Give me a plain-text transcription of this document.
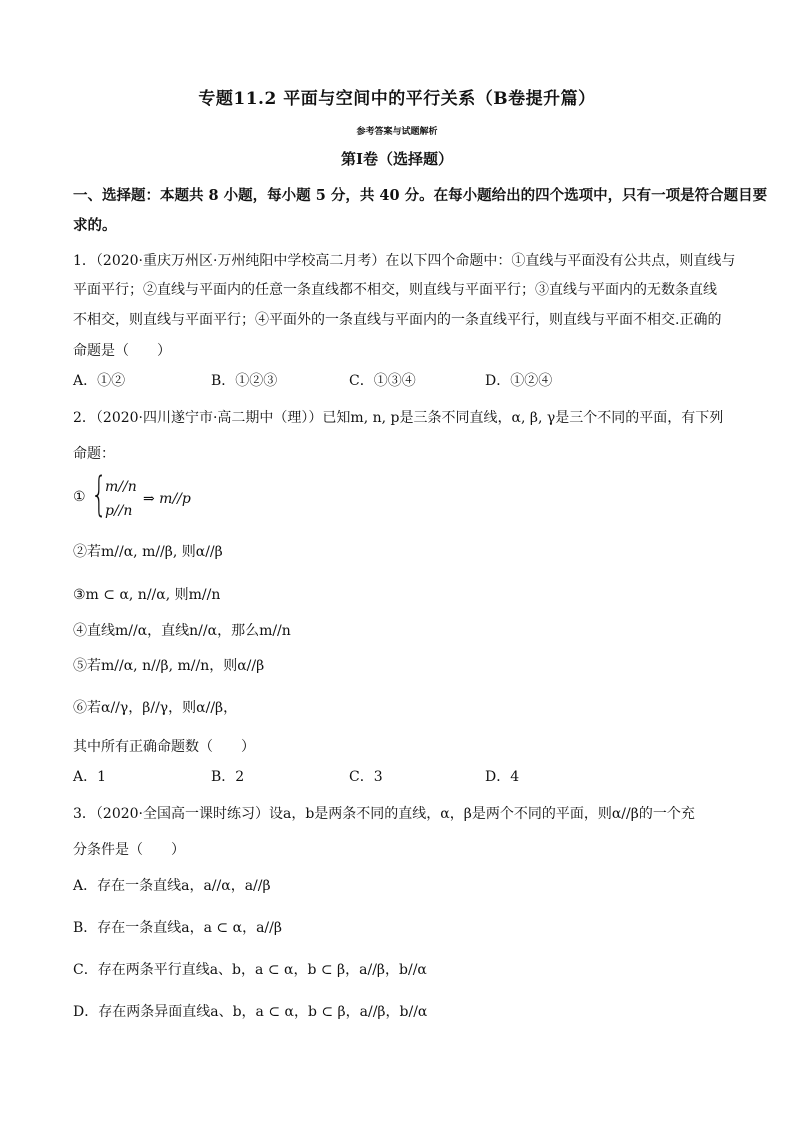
专题11.2 平面与空间中的平行关系（B卷提升篇）
参考答案与试题解析
第Ⅰ卷（选择题）
一、选择题：本题共 8 小题，每小题 5 分，共 40 分。在每小题给出的四个选项中，只有一项是符合题目要
求的。
1．（2020·重庆万州区·万州纯阳中学校高二月考）在以下四个命题中：①直线与平面没有公共点，则直线与
平面平行；②直线与平面内的任意一条直线都不相交，则直线与平面平行；③直线与平面内的无数条直线
不相交，则直线与平面平行；④平面外的一条直线与平面内的一条直线平行，则直线与平面不相交.正确的
命题是（　　）
A．①②	B．①②③	C．①③④	D．①②④
2．（2020·四川遂宁市·高二期中（理））已知m, n, p是三条不同直线，α, β, γ是三个不同的平面，有下列
命题：
① {
m//n
p//n
⇒ m//p
②若m//α, m//β, 则α//β
③m ⊂ α, n//α, 则m//n
④直线m//α，直线n//α，那么m//n
⑤若m//α, n//β, m//n，则α//β
⑥若α//γ，β//γ，则α//β，
其中所有正确命题数（　　）
A．1	B．2	C．3	D．4
3．（2020·全国高一课时练习）设a，b是两条不同的直线，α，β是两个不同的平面，则α//β的一个充
分条件是（　　）
A．存在一条直线a，a//α，a//β
B．存在一条直线a，a ⊂ α，a//β
C．存在两条平行直线a、b，a ⊂ α，b ⊂ β，a//β，b//α
D．存在两条异面直线a、b，a ⊂ α，b ⊂ β，a//β，b//α
